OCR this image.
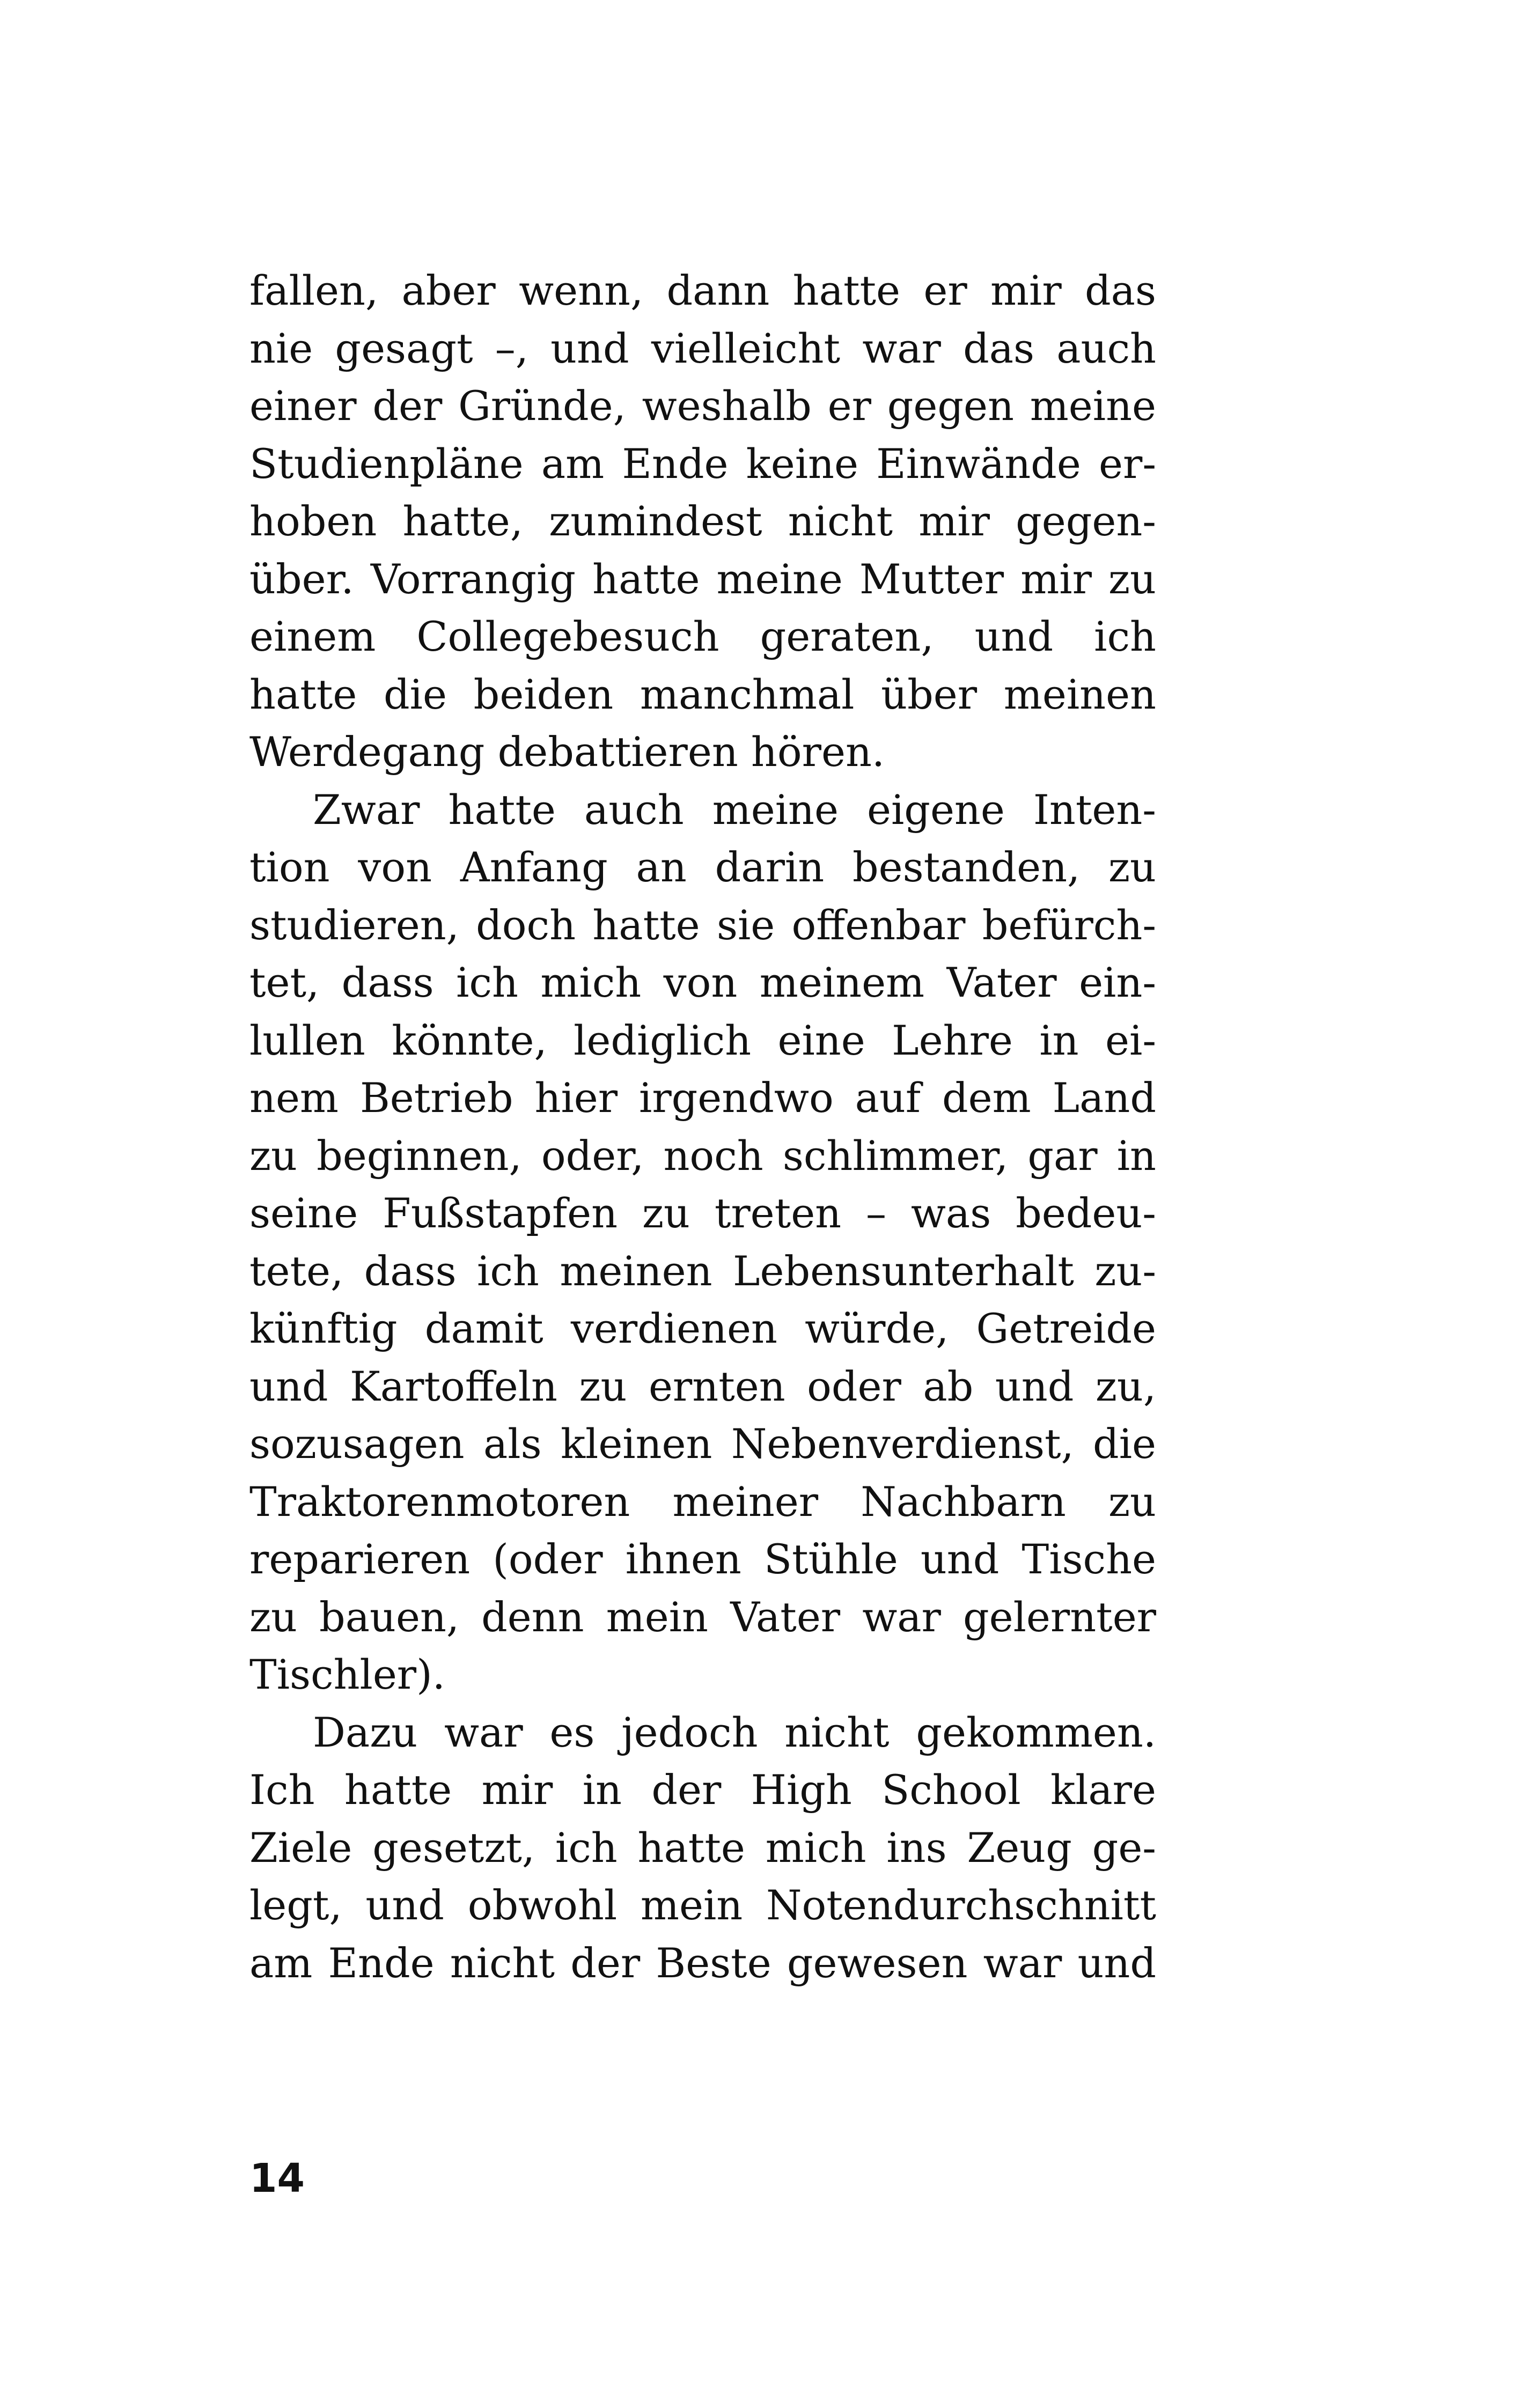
fallen, aber wenn, dann hatte er mir das
nie gesagt –, und vielleicht war das auch
einer der Gründe, weshalb er gegen meine
Studienpläne am Ende keine Einwände er-
hoben hatte, zumindest nicht mir gegen-
über. Vorrangig hatte meine Mutter mir zu
einem Collegebesuch geraten, und ich
hatte die beiden manchmal über meinen
Werdegang debattieren hören.
Zwar hatte auch meine eigene Inten-
tion von Anfang an darin bestanden, zu
studieren, doch hatte sie offenbar befürch-
tet, dass ich mich von meinem Vater ein-
lullen könnte, lediglich eine Lehre in ei-
nem Betrieb hier irgendwo auf dem Land
zu beginnen, oder, noch schlimmer, gar in
seine Fußstapfen zu treten – was bedeu-
tete, dass ich meinen Lebensunterhalt zu-
künftig damit verdienen würde, Getreide
und Kartoffeln zu ernten oder ab und zu,
sozusagen als kleinen Nebenverdienst, die
Traktorenmotoren meiner Nachbarn zu
reparieren (oder ihnen Stühle und Tische
zu bauen, denn mein Vater war gelernter
Tischler).
Dazu war es jedoch nicht gekommen.
Ich hatte mir in der High School klare
Ziele gesetzt, ich hatte mich ins Zeug ge-
legt, und obwohl mein Notendurchschnitt
am Ende nicht der Beste gewesen war und
14
